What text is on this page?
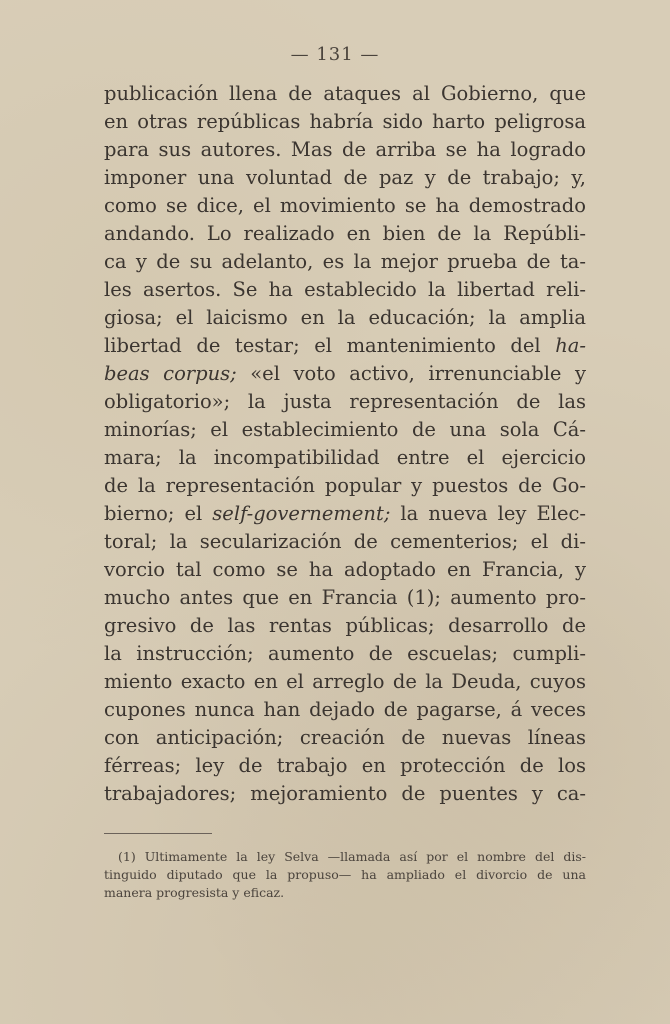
— 131 —
publicación llena de ataques al Gobierno, que
en otras repúblicas habría sido harto peligrosa
para sus autores. Mas de arriba se ha logrado
imponer una voluntad de paz y de trabajo; y,
como se dice, el movimiento se ha demostrado
andando. Lo realizado en bien de la Repúbli-
ca y de su adelanto, es la mejor prueba de ta-
les asertos. Se ha establecido la libertad reli-
giosa; el laicismo en la educación; la amplia
libertad de testar; el mantenimiento del ha-
beas corpus; «el voto activo, irrenunciable y
obligatorio»; la justa representación de las
minorías; el establecimiento de una sola Cá-
mara; la incompatibilidad entre el ejercicio
de la representación popular y puestos de Go-
bierno; el self-governement; la nueva ley Elec-
toral; la secularización de cementerios; el di-
vorcio tal como se ha adoptado en Francia, y
mucho antes que en Francia (1); aumento pro-
gresivo de las rentas públicas; desarrollo de
la instrucción; aumento de escuelas; cumpli-
miento exacto en el arreglo de la Deuda, cuyos
cupones nunca han dejado de pagarse, á veces
con anticipación; creación de nuevas líneas
férreas; ley de trabajo en protección de los
trabajadores; mejoramiento de puentes y ca-
(1) Ultimamente la ley Selva —llamada así por el nombre del dis-
tinguido diputado que la propuso— ha ampliado el divorcio de una
manera progresista y eficaz.
